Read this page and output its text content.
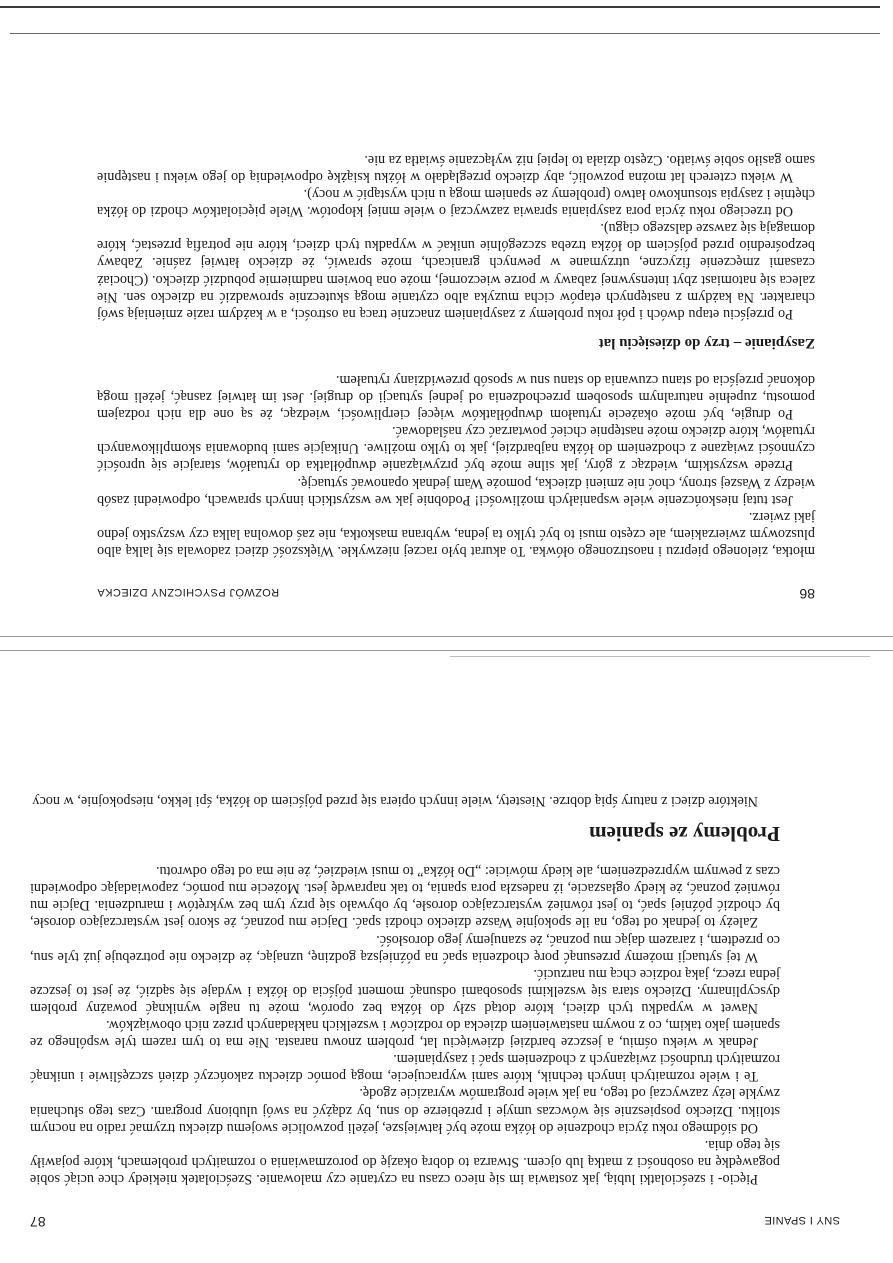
86
ROZWÓJ PSYCHICZNY DZIECKA

młotka, zielonego pieprzu i naostrzonego ołówka. To akurat było raczej niezwykłe. Większość dzieci zadowala się lalką albo pluszowym zwierzakiem, ale często musi to być tylko ta jedna, wybrana maskotka, nie zaś dowolna lalka czy wszystko jedno jaki zwierz.

Jest tutaj nieskończenie wiele wspaniałych możliwości! Podobnie jak we wszystkich innych sprawach, odpowiedni zasób wiedzy z Waszej strony, choć nie zmieni dziecka, pomoże Wam jednak opanować sytuację.

Przede wszystkim, wiedząc z góry, jak silne może być przywiązanie dwupółlatka do rytuałów, starajcie się uprościć czynności związane z chodzeniem do łóżka najbardziej, jak to tylko możliwe. Unikajcie sami budowania skomplikowanych rytuałów, które dziecko może następnie chcieć powtarzać czy naśladować.

Po drugie, być może okażecie rytuałom dwupółlatków więcej cierpliwości, wiedząc, że są one dla nich rodzajem pomostu, zupełnie naturalnym sposobem przechodzenia od jednej sytuacji do drugiej. Jest im łatwiej zasnąć, jeżeli mogą dokonać przejścia od stanu czuwania do stanu snu w sposób przewidziany rytuałem.

Zasypianie – trzy do dziesięciu lat

Po przejściu etapu dwóch i pół roku problemy z zasypianiem znacznie tracą na ostrości, a w każdym razie zmieniają swój charakter. Na każdym z następnych etapów cicha muzyka albo czytanie mogą skutecznie sprowadzić na dziecko sen. Nie zaleca się natomiast zbyt intensywnej zabawy w porze wieczornej, może ona bowiem nadmiernie pobudzić dziecko. (Chociaż czasami zmęczenie fizyczne, utrzymane w pewnych granicach, może sprawić, że dziecko łatwiej zaśnie. Zabawy bezpośrednio przed pójściem do łóżka trzeba szczególnie unikać w wypadku tych dzieci, które nie potrafią przestać, które domagają się zawsze dalszego ciągu).

Od trzeciego roku życia pora zasypiania sprawia zazwyczaj o wiele mniej kłopotów. Wiele pięciolatków chodzi do łóżka chętnie i zasypia stosunkowo łatwo (problemy ze spaniem mogą u nich wystąpić w nocy).

W wieku czterech lat można pozwolić, aby dziecko przeglądało w łóżku książkę odpowiednią do jego wieku i następnie samo gasiło sobie światło. Często działa to lepiej niż wyłączanie światła za nie.

SNY I SPANIE
87

Pięcio- i sześciolatki lubią, jak zostawia im się nieco czasu na czytanie czy malowanie. Sześciolatek niekiedy chce uciąć sobie pogawędkę na osobności z matką lub ojcem. Stwarza to dobrą okazję do porozmawiania o rozmaitych problemach, które pojawiły się tego dnia.

Od siódmego roku życia chodzenie do łóżka może być łatwiejsze, jeżeli pozwolicie swojemu dziecku trzymać radio na nocnym stoliku. Dziecko pospiesznie się wówczas umyje i przebierze do snu, by zdążyć na swój ulubiony program. Czas tego słuchania zwykle leży zazwyczaj od tego, na jak wiele programów wyrazicie zgodę.

Te i wiele rozmaitych innych technik, które sami wypracujecie, mogą pomóc dziecku zakończyć dzień szczęśliwie i uniknąć rozmaitych trudności związanych z chodzeniem spać i zasypianiem.

Jednak w wieku ośmiu, a jeszcze bardziej dziewięciu lat, problem znowu narasta. Nie ma to tym razem tyle wspólnego ze spaniem jako takim, co z nowym nastawieniem dziecka do rodziców i wszelkich nakładanych przez nich obowiązków.

Nawet w wypadku tych dzieci, które dotąd szły do łóżka bez oporów, może tu nagle wyniknąć poważny problem dyscyplinarny. Dziecko stara się wszelkimi sposobami odsunąć moment pójścia do łóżka i wydaje się sądzić, że jest to jeszcze jedna rzecz, jaką rodzice chcą mu narzucić.

W tej sytuacji możemy przesunąć porę chodzenia spać na późniejszą godzinę, uznając, że dziecko nie potrzebuje już tyle snu, co przedtem, i zarazem dając mu poznać, że szanujemy jego dorosłość.

Zależy to jednak od tego, na ile spokojnie Wasze dziecko chodzi spać. Dajcie mu poznać, że skoro jest wystarczająco dorosłe, by chodzić później spać, to jest również wystarczająco dorosłe, by obywało się przy tym bez wykrętów i marudzenia. Dajcie mu również poznać, że kiedy ogłaszacie, iż nadeszła pora spania, to tak naprawdę jest. Możecie mu pomóc, zapowiadając odpowiedni czas z pewnym wyprzedzeniem, ale kiedy mówicie: „Do łóżka” to musi wiedzieć, że nie ma od tego odwrotu.

Problemy ze spaniem

Niektóre dzieci z natury śpią dobrze. Niestety, wiele innych opiera się przed pójściem do łóżka, śpi lekko, niespokojnie, w nocy
